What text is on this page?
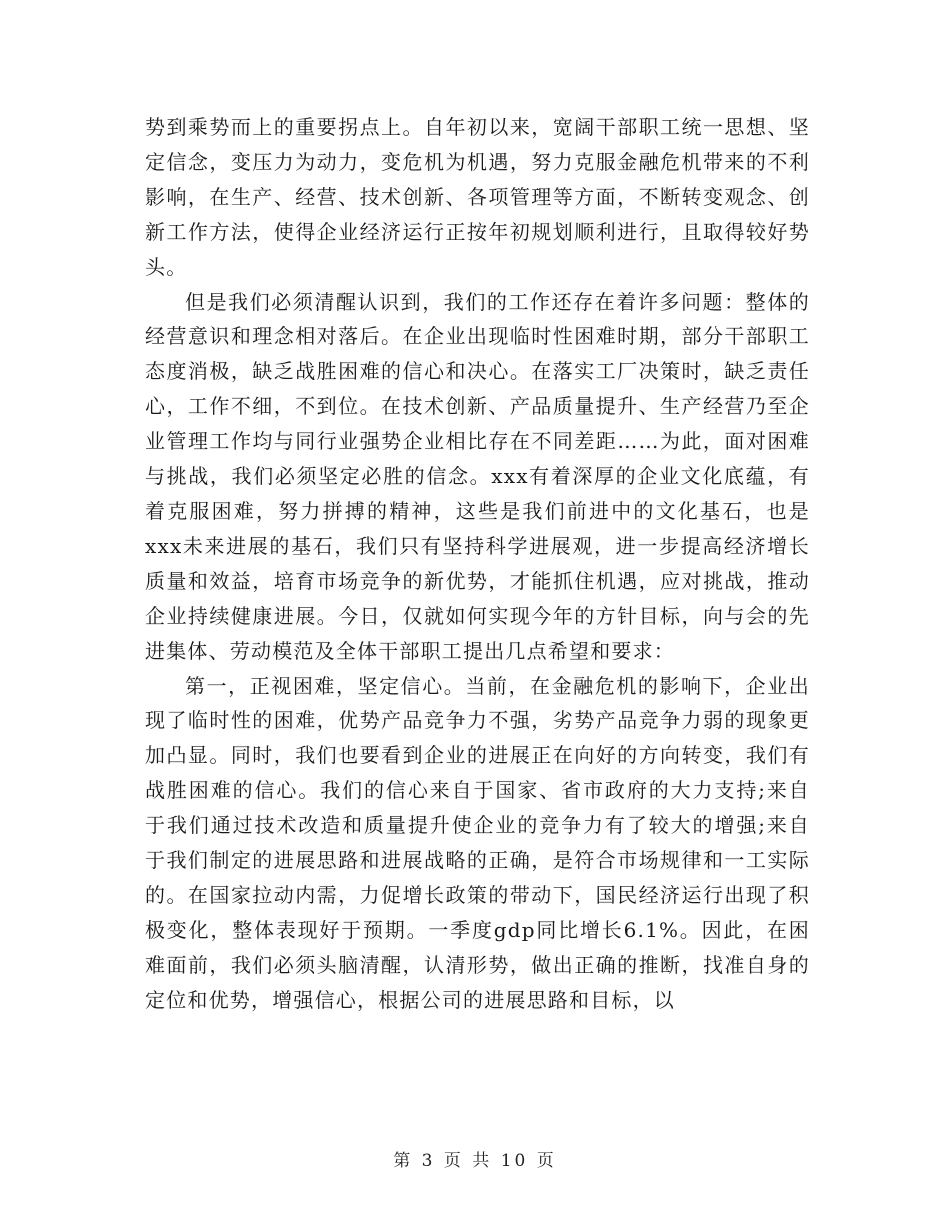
势到乘势而上的重要拐点上。自年初以来，宽阔干部职工统一思想、坚定信念，变压力为动力，变危机为机遇，努力克服金融危机带来的不利影响，在生产、经营、技术创新、各项管理等方面，不断转变观念、创新工作方法，使得企业经济运行正按年初规划顺利进行，且取得较好势头。

但是我们必须清醒认识到，我们的工作还存在着许多问题：整体的经营意识和理念相对落后。在企业出现临时性困难时期，部分干部职工态度消极，缺乏战胜困难的信心和决心。在落实工厂决策时，缺乏责任心，工作不细，不到位。在技术创新、产品质量提升、生产经营乃至企业管理工作均与同行业强势企业相比存在不同差距……为此，面对困难与挑战，我们必须坚定必胜的信念。xxx有着深厚的企业文化底蕴，有着克服困难，努力拼搏的精神，这些是我们前进中的文化基石，也是xxx未来进展的基石，我们只有坚持科学进展观，进一步提高经济增长质量和效益，培育市场竞争的新优势，才能抓住机遇，应对挑战，推动企业持续健康进展。今日，仅就如何实现今年的方针目标，向与会的先进集体、劳动模范及全体干部职工提出几点希望和要求：

第一，正视困难，坚定信心。当前，在金融危机的影响下，企业出现了临时性的困难，优势产品竞争力不强，劣势产品竞争力弱的现象更加凸显。同时，我们也要看到企业的进展正在向好的方向转变，我们有战胜困难的信心。我们的信心来自于国家、省市政府的大力支持;来自于我们通过技术改造和质量提升使企业的竞争力有了较大的增强;来自于我们制定的进展思路和进展战略的正确，是符合市场规律和一工实际的。在国家拉动内需，力促增长政策的带动下，国民经济运行出现了积极变化，整体表现好于预期。一季度gdp同比增长6.1%。因此，在困难面前，我们必须头脑清醒，认清形势，做出正确的推断，找准自身的定位和优势，增强信心，根据公司的进展思路和目标，以

第 3 页 共 10 页
